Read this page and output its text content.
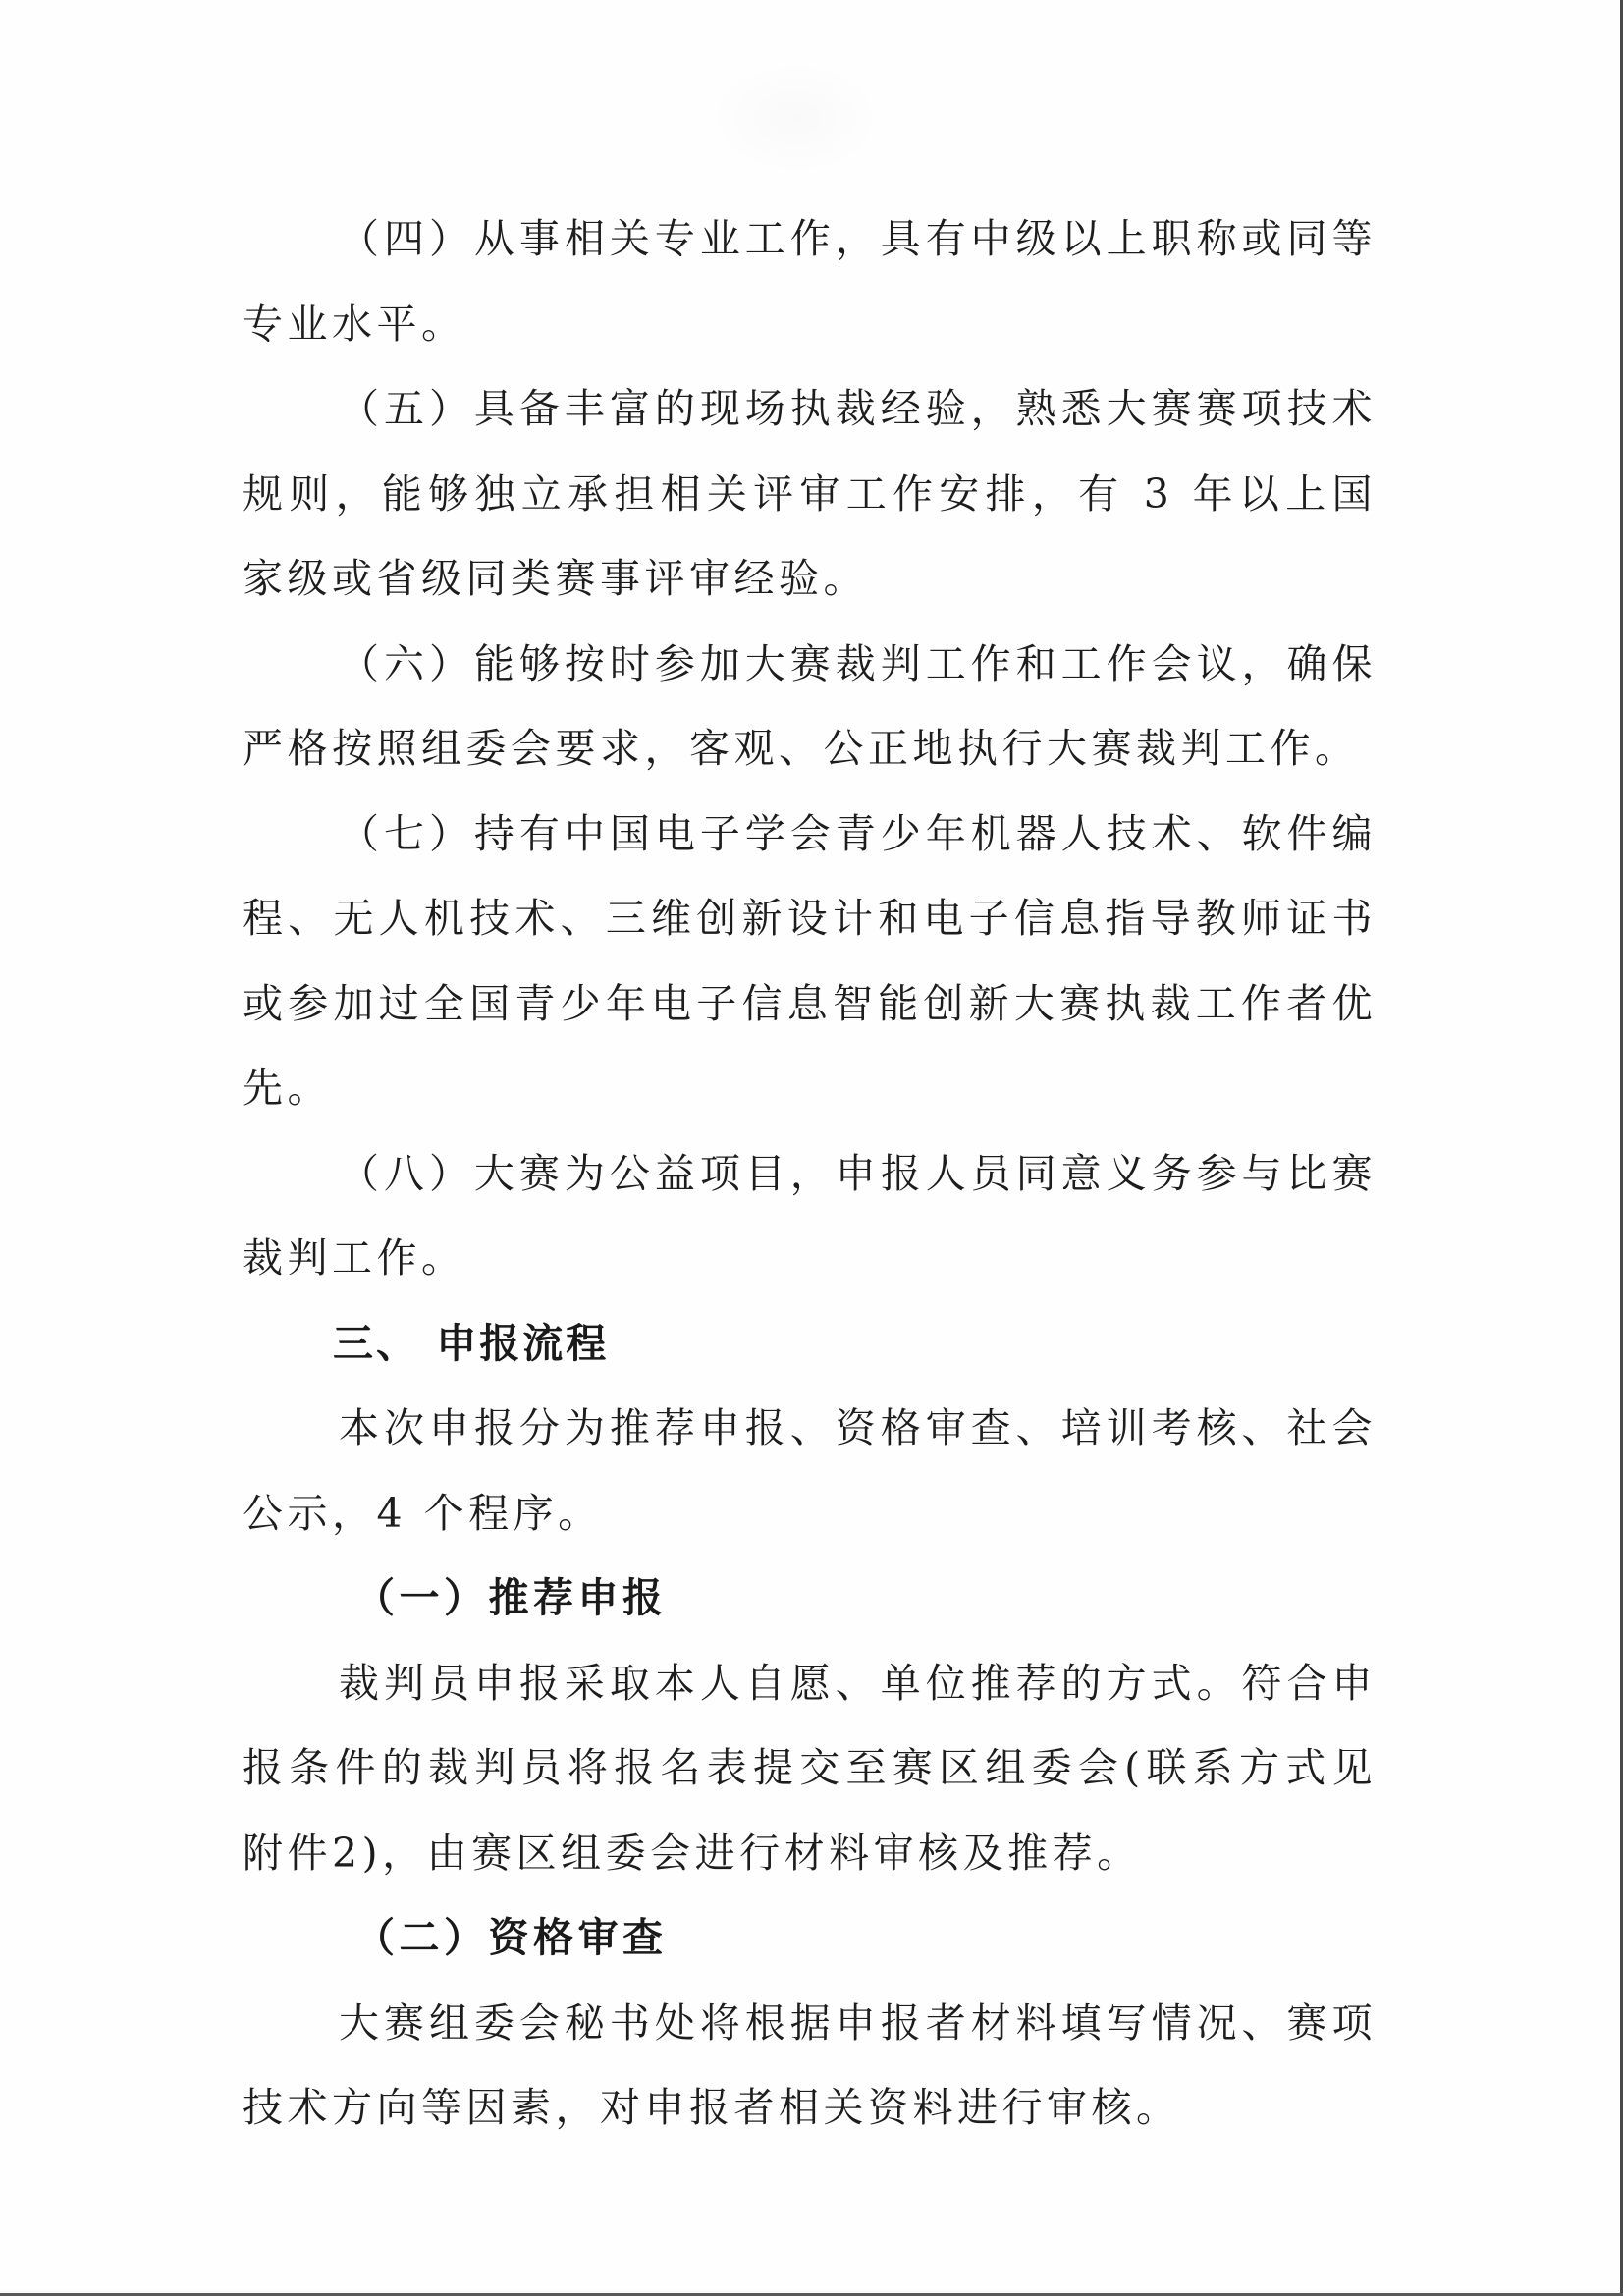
（四）从事相关专业工作，具有中级以上职称或同等专业水平。

（五）具备丰富的现场执裁经验，熟悉大赛赛项技术规则，能够独立承担相关评审工作安排，有 3 年以上国家级或省级同类赛事评审经验。

（六）能够按时参加大赛裁判工作和工作会议，确保严格按照组委会要求，客观、公正地执行大赛裁判工作。

（七）持有中国电子学会青少年机器人技术、软件编程、无人机技术、三维创新设计和电子信息指导教师证书或参加过全国青少年电子信息智能创新大赛执裁工作者优先。

（八）大赛为公益项目，申报人员同意义务参与比赛裁判工作。

三、 申报流程

本次申报分为推荐申报、资格审查、培训考核、社会公示，4 个程序。

（一）推荐申报

裁判员申报采取本人自愿、单位推荐的方式。符合申报条件的裁判员将报名表提交至赛区组委会(联系方式见附件2)，由赛区组委会进行材料审核及推荐。

（二）资格审查

大赛组委会秘书处将根据申报者材料填写情况、赛项技术方向等因素，对申报者相关资料进行审核。
